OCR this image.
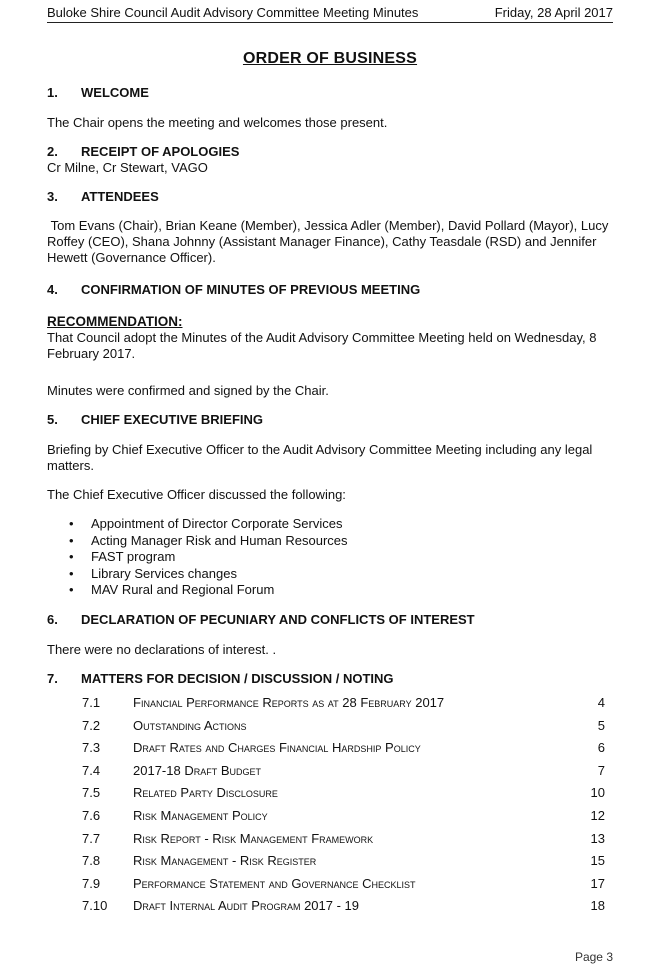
Buloke Shire Council Audit Advisory Committee Meeting Minutes	Friday, 28 April 2017
ORDER OF BUSINESS
1. WELCOME
The Chair opens the meeting and welcomes those present.
2. RECEIPT OF APOLOGIES
Cr Milne, Cr Stewart, VAGO
3. ATTENDEES
Tom Evans (Chair), Brian Keane (Member), Jessica Adler (Member), David Pollard (Mayor), Lucy Roffey (CEO), Shana Johnny (Assistant Manager Finance), Cathy Teasdale (RSD) and Jennifer Hewett (Governance Officer).
4. CONFIRMATION OF MINUTES OF PREVIOUS MEETING
RECOMMENDATION:
That Council adopt the Minutes of the Audit Advisory Committee Meeting held on Wednesday, 8 February 2017.
Minutes were confirmed and signed by the Chair.
5. CHIEF EXECUTIVE BRIEFING
Briefing by Chief Executive Officer to the Audit Advisory Committee Meeting including any legal matters.
The Chief Executive Officer discussed the following:
• Appointment of Director Corporate Services
• Acting Manager Risk and Human Resources
• FAST program
• Library Services changes
• MAV Rural and Regional Forum
6. DECLARATION OF PECUNIARY AND CONFLICTS OF INTEREST
There were no declarations of interest. .
7. MATTERS FOR DECISION / DISCUSSION / NOTING
7.1	Financial Performance Reports as at 28 February 2017	4
7.2	Outstanding Actions	5
7.3	Draft Rates and Charges Financial Hardship Policy	6
7.4	2017-18 Draft Budget	7
7.5	Related Party Disclosure	10
7.6	Risk Management Policy	12
7.7	Risk Report - Risk Management Framework	13
7.8	Risk Management - Risk Register	15
7.9	Performance Statement and Governance Checklist	17
7.10 Draft Internal Audit Program 2017 - 19	18
Page 3
